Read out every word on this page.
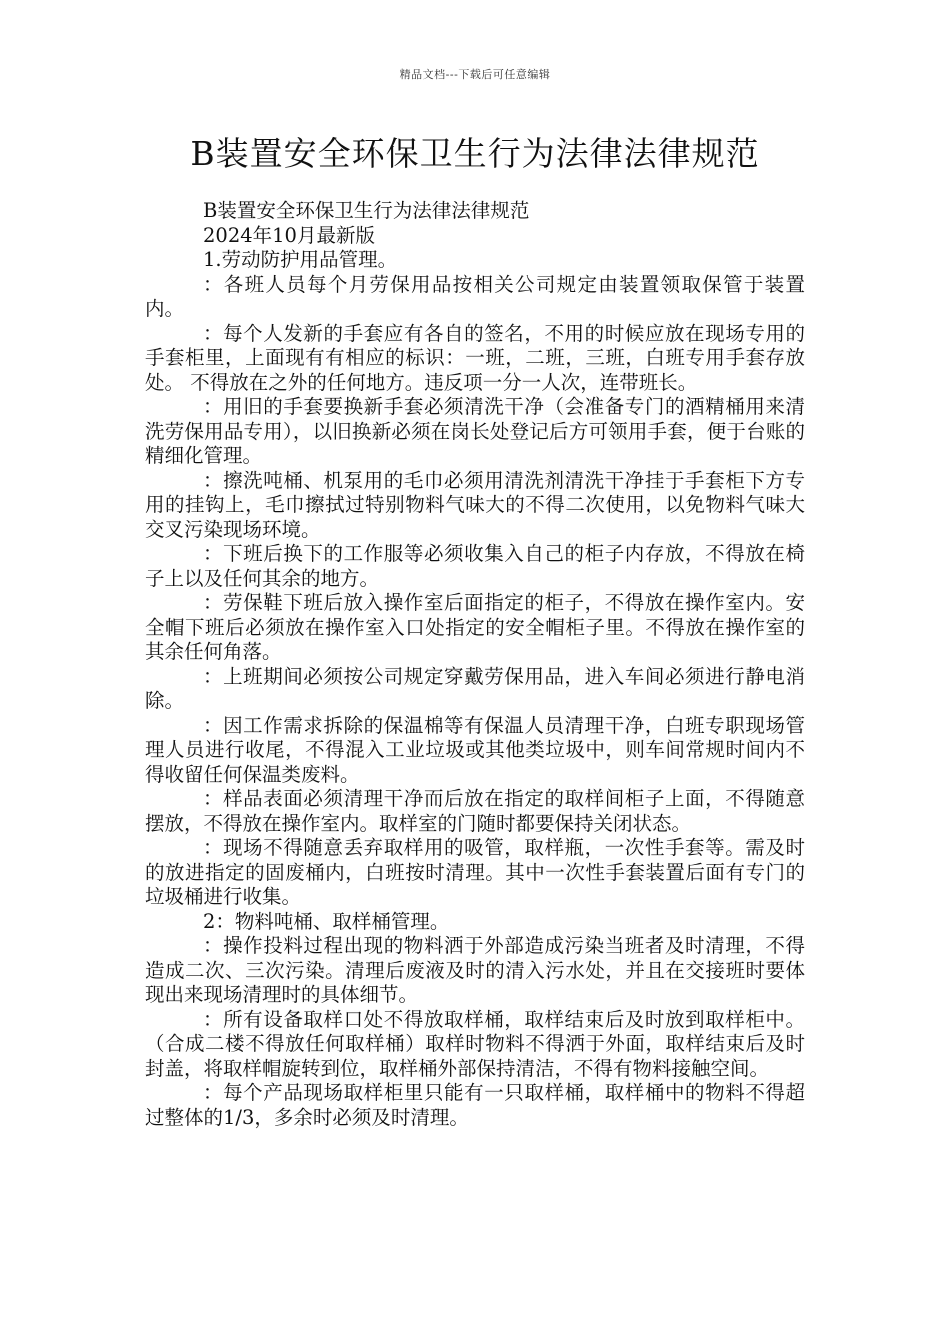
精品文档---下载后可任意编辑
B装置安全环保卫生行为法律法律规范

B装置安全环保卫生行为法律法律规范

2024年10月最新版

1.劳动防护用品管理。

：各班人员每个月劳保用品按相关公司规定由装置领取保管于装置内。

：每个人发新的手套应有各自的签名，不用的时候应放在现场专用的手套柜里，上面现有有相应的标识：一班，二班，三班，白班专用手套存放处。 不得放在之外的任何地方。违反项一分一人次，连带班长。

：用旧的手套要换新手套必须清洗干净（会准备专门的酒精桶用来清洗劳保用品专用），以旧换新必须在岗长处登记后方可领用手套，便于台账的精细化管理。

：擦洗吨桶、机泵用的毛巾必须用清洗剂清洗干净挂于手套柜下方专用的挂钩上，毛巾擦拭过特别物料气味大的不得二次使用，以免物料气味大交叉污染现场环境。

：下班后换下的工作服等必须收集入自己的柜子内存放，不得放在椅子上以及任何其余的地方。

：劳保鞋下班后放入操作室后面指定的柜子，不得放在操作室内。安全帽下班后必须放在操作室入口处指定的安全帽柜子里。不得放在操作室的其余任何角落。

：上班期间必须按公司规定穿戴劳保用品，进入车间必须进行静电消除。

：因工作需求拆除的保温棉等有保温人员清理干净，白班专职现场管理人员进行收尾，不得混入工业垃圾或其他类垃圾中，则车间常规时间内不得收留任何保温类废料。

：样品表面必须清理干净而后放在指定的取样间柜子上面，不得随意摆放，不得放在操作室内。取样室的门随时都要保持关闭状态。

：现场不得随意丢弃取样用的吸管，取样瓶，一次性手套等。需及时的放进指定的固废桶内，白班按时清理。其中一次性手套装置后面有专门的垃圾桶进行收集。

2：物料吨桶、取样桶管理。

：操作投料过程出现的物料洒于外部造成污染当班者及时清理，不得造成二次、三次污染。清理后废液及时的清入污水处，并且在交接班时要体现出来现场清理时的具体细节。

：所有设备取样口处不得放取样桶，取样结束后及时放到取样柜中。（合成二楼不得放任何取样桶）取样时物料不得洒于外面，取样结束后及时封盖，将取样帽旋转到位，取样桶外部保持清洁，不得有物料接触空间。

：每个产品现场取样柜里只能有一只取样桶，取样桶中的物料不得超过整体的1/3，多余时必须及时清理。
